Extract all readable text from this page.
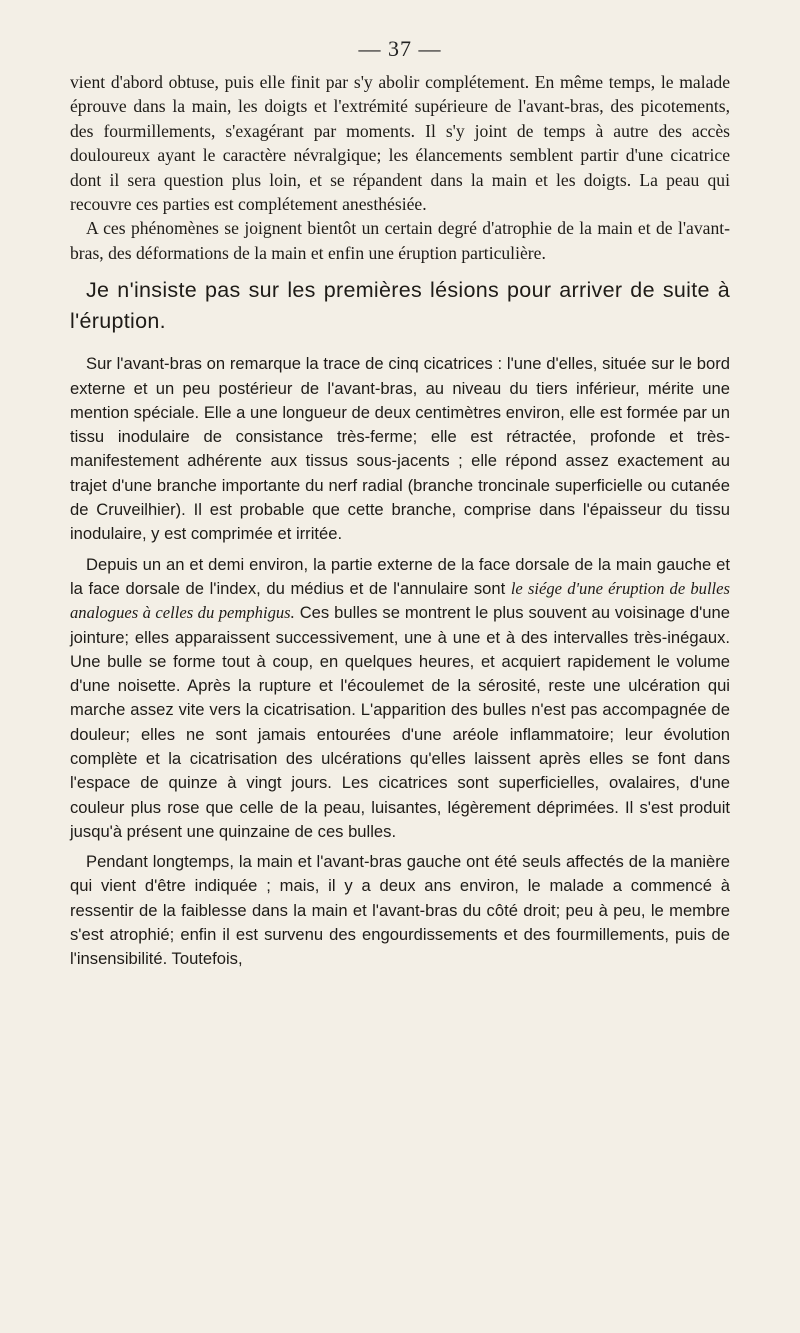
— 37 —

vient d'abord obtuse, puis elle finit par s'y abolir complétement. En même temps, le malade éprouve dans la main, les doigts et l'extrémité supérieure de l'avant-bras, des picotements, des fourmillements, s'exagérant par moments. Il s'y joint de temps à autre des accès douloureux ayant le caractère névralgique; les élancements semblent partir d'une cicatrice dont il sera question plus loin, et se répandent dans la main et les doigts. La peau qui recouvre ces parties est complétement anesthésiée.

A ces phénomènes se joignent bientôt un certain degré d'atrophie de la main et de l'avant-bras, des déformations de la main et enfin une éruption particulière.

Je n'insiste pas sur les premières lésions pour arriver de suite à l'éruption.

Sur l'avant-bras on remarque la trace de cinq cicatrices : l'une d'elles, située sur le bord externe et un peu postérieur de l'avant-bras, au niveau du tiers inférieur, mérite une mention spéciale. Elle a une longueur de deux centimètres environ, elle est formée par un tissu inodulaire de consistance très-ferme; elle est rétractée, profonde et très-manifestement adhérente aux tissus sous-jacents ; elle répond assez exactement au trajet d'une branche importante du nerf radial (branche troncinale superficielle ou cutanée de Cruveilhier). Il est probable que cette branche, comprise dans l'épaisseur du tissu inodulaire, y est comprimée et irritée.

Depuis un an et demi environ, la partie externe de la face dorsale de la main gauche et la face dorsale de l'index, du médius et de l'annulaire sont le siége d'une éruption de bulles analogues à celles du pemphigus. Ces bulles se montrent le plus souvent au voisinage d'une jointure; elles apparaissent successivement, une à une et à des intervalles très-inégaux. Une bulle se forme tout à coup, en quelques heures, et acquiert rapidement le volume d'une noisette. Après la rupture et l'écoulemet de la sérosité, reste une ulcération qui marche assez vite vers la cicatrisation. L'apparition des bulles n'est pas accompagnée de douleur; elles ne sont jamais entourées d'une aréole inflammatoire; leur évolution complète et la cicatrisation des ulcérations qu'elles laissent après elles se font dans l'espace de quinze à vingt jours. Les cicatrices sont superficielles, ovalaires, d'une couleur plus rose que celle de la peau, luisantes, légèrement déprimées. Il s'est produit jusqu'à présent une quinzaine de ces bulles.

Pendant longtemps, la main et l'avant-bras gauche ont été seuls affectés de la manière qui vient d'être indiquée ; mais, il y a deux ans environ, le malade a commencé à ressentir de la faiblesse dans la main et l'avant-bras du côté droit; peu à peu, le membre s'est atrophié; enfin il est survenu des engourdissements et des fourmillements, puis de l'insensibilité. Toutefois,
